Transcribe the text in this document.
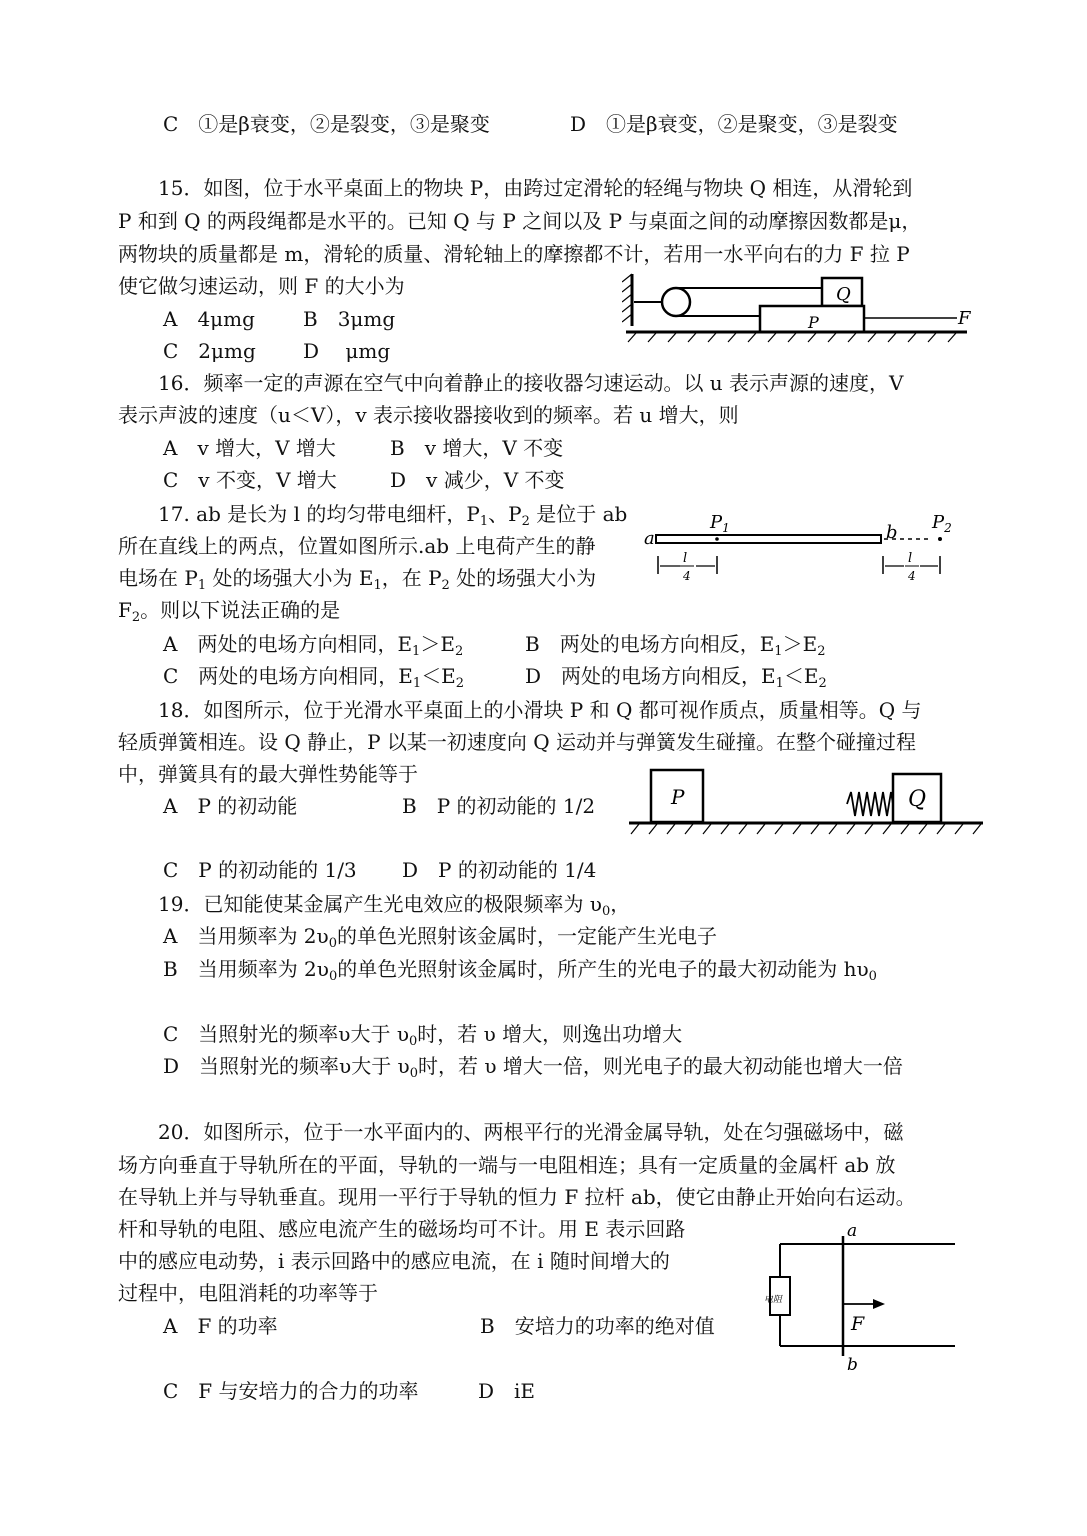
C　①是β衰变，②是裂变，③是聚变	D　①是β衰变，②是聚变，③是裂变
15．如图，位于水平桌面上的物块 P，由跨过定滑轮的轻绳与物块 Q 相连，从滑轮到
P 和到 Q 的两段绳都是水平的。已知 Q 与 P 之间以及 P 与桌面之间的动摩擦因数都是μ，
两物块的质量都是 m，滑轮的质量、滑轮轴上的摩擦都不计，若用一水平向右的力 F 拉 P
使它做匀速运动，则 F 的大小为
A　4μmg B　3μmg
C　2μmg D　 μmg
Q
P	F
16．频率一定的声源在空气中向着静止的接收器匀速运动。以 u 表示声源的速度，V
表示声波的速度（u＜V），v 表示接收器接收到的频率。若 u 增大，则
A　v 增大，V 增大	B　v 增大，V 不变
C　v 不变，V 增大	D　v 减少，V 不变
17. ab 是长为 l 的均匀带电细杆，$P_1$、$P_2$ 是位于 ab
所在直线上的两点，位置如图所示.ab 上电荷产生的静
电场在 $P_1$ 处的场强大小为 $E_1$，在 $P_2$ 处的场强大小为
$F_2$。则以下说法正确的是
A　两处的电场方向相同，$E_1>E_2$	B　两处的电场方向相反，$E_1>E_2$
C　两处的电场方向相同，$E_1<E_2$	D　两处的电场方向相反，$E_1<E_2$
a
$P_1$	b $P_2$
l
4
l
4
18．如图所示，位于光滑水平桌面上的小滑块 P 和 Q 都可视作质点，质量相等。Q 与
轻质弹簧相连。设 Q 静止，P 以某一初速度向 Q 运动并与弹簧发生碰撞。在整个碰撞过程
中，弹簧具有的最大弹性势能等于
A　P 的初动能	B　P 的初动能的 1/2
C　P 的初动能的 1/3 D　P 的初动能的 1/4
P	Q
19．已知能使某金属产生光电效应的极限频率为 $\upsilon_0$，
A　当用频率为 $2\upsilon_0$的单色光照射该金属时，一定能产生光电子
B　当用频率为 $2\upsilon_0$的单色光照射该金属时，所产生的光电子的最大初动能为 $h\upsilon_0$
C　当照射光的频率υ大于 $\upsilon_0$时，若 υ 增大，则逸出功增大
D　当照射光的频率υ大于 $\upsilon_0$时，若 υ 增大一倍，则光电子的最大初动能也增大一倍
20．如图所示，位于一水平面内的、两根平行的光滑金属导轨，处在匀强磁场中，磁
场方向垂直于导轨所在的平面，导轨的一端与一电阻相连；具有一定质量的金属杆 ab 放
在导轨上并与导轨垂直。现用一平行于导轨的恒力 F 拉杆 ab，使它由静止开始向右运动。
杆和导轨的电阻、感应电流产生的磁场均可不计。用 E 表示回路
中的感应电动势，i 表示回路中的感应电流，在 i 随时间增大的
过程中，电阻消耗的功率等于
A　F 的功率	B　安培力的功率的绝对值
C　F 与安培力的合力的功率	D　iE
电阻
a
b
F
